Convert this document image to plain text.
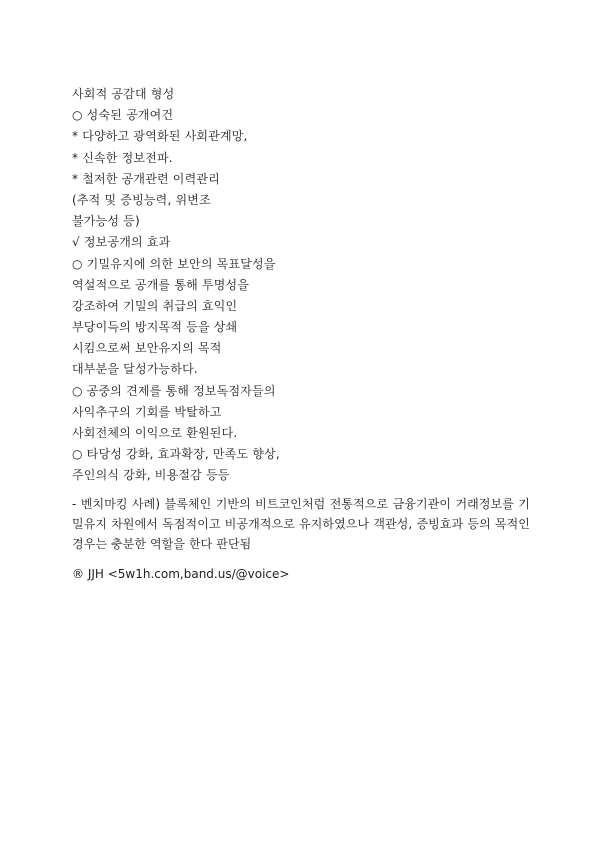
사회적 공감대 형성
○ 성숙된 공개여건
* 다양하고 광역화된 사회관계망,
* 신속한 정보전파.
* 철저한 공개관련 이력관리
(추적 및 증빙능력, 위변조
불가능성 등)
√ 정보공개의 효과
○ 기밀유지에 의한 보안의 목표달성을
역설적으로 공개를 통해 투명성을
강조하여 기밀의 취급의 효익인
부당이득의 방지목적 등을 상쇄
시킴으로써 보안유지의 목적
대부분을 달성가능하다.
○ 공중의 견제를 통해 정보독점자들의
사익추구의 기회를 박탈하고
사회전체의 이익으로 환원된다.
○ 타당성 강화, 효과확장, 만족도 향상,
주인의식 강화, 비용절감 등등
- 벤치마킹 사례) 블록체인 기반의 비트코인처럼 전통적으로 금융기관이 거래정보를 기밀유지 차원에서 독점적이고 비공개적으로 유지하였으나 객관성, 증빙효과 등의 목적인 경우는 충분한 역할을 한다 판단됨
® JJH <5w1h.com,band.us/@voice>
